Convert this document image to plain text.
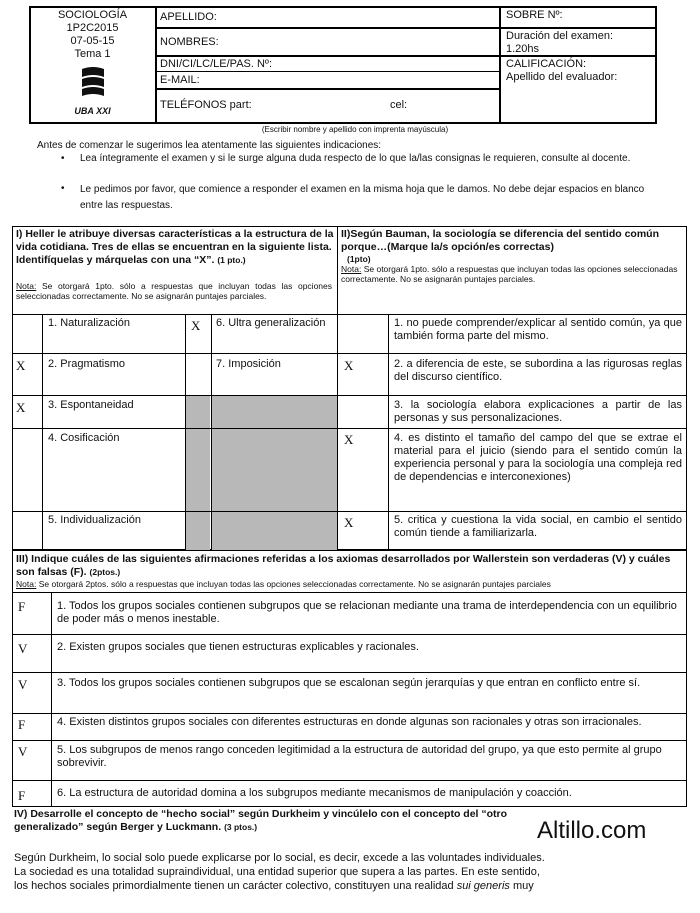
SOCIOLOGÍA
1P2C2015
07-05-15
Tema 1
UBA XXI
APELLIDO:
NOMBRES:
DNI/CI/LC/LE/PAS. Nº:
E-MAIL:
TELÉFONOS part:	cel:
SOBRE Nº:
Duración del examen: 1.20hs
CALIFICACIÓN:
Apellido del evaluador:
(Escribir nombre y apellido con imprenta mayúscula)
Antes de comenzar le sugerimos lea atentamente las siguientes indicaciones:
• Lea íntegramente el examen y si le surge alguna duda respecto de lo que la/las consignas le requieren, consulte al docente.
• Le pedimos por favor, que comience a responder el examen en la misma hoja que le damos. No debe dejar espacios en blanco entre las respuestas.
I) Heller le atribuye diversas características a la estructura de la vida cotidiana. Tres de ellas se encuentran en la siguiente lista. Identifíquelas y márquelas con una “X”. (1 pto.)
Nota: Se otorgará 1pto. sólo a respuestas que incluyan todas las opciones seleccionadas correctamente. No se asignarán puntajes parciales.
II)Según Bauman, la sociología se diferencia del sentido común porque…(Marque la/s opción/es correctas)
(1pto)
Nota: Se otorgará 1pto. sólo a respuestas que incluyan todas las opciones seleccionadas correctamente. No se asignarán puntajes parciales.
1. Naturalización
X 2. Pragmatismo
X 3. Espontaneidad
4. Cosificación
5. Individualización
X 6. Ultra generalización
7. Imposición
1. no puede comprender/explicar al sentido común, ya que también forma parte del mismo.
X	2. a diferencia de este, se subordina a las rigurosas reglas del discurso científico.
3. la sociología elabora explicaciones a partir de las personas y sus personalizaciones.
X	4. es distinto el tamaño del campo del que se extrae el material para el juicio (siendo para el sentido común la experiencia personal y para la sociología una compleja red de dependencias e interconexiones)
X	5. critica y cuestiona la vida social, en cambio el sentido común tiende a familiarizarla.
III) Indique cuáles de las siguientes afirmaciones referidas a los axiomas desarrollados por Wallerstein son verdaderas (V) y cuáles son falsas (F). (2ptos.)
Nota: Se otorgará 2ptos. sólo a respuestas que incluyan todas las opciones seleccionadas correctamente. No se asignarán puntajes parciales
F	1. Todos los grupos sociales contienen subgrupos que se relacionan mediante una trama de interdependencia con un equilibrio de poder más o menos inestable.
V	2. Existen grupos sociales que tienen estructuras explicables y racionales.
V	3. Todos los grupos sociales contienen subgrupos que se escalonan según jerarquías y que entran en conflicto entre sí.
F	4. Existen distintos grupos sociales con diferentes estructuras en donde algunas son racionales y otras son irracionales.
V	5. Los subgrupos de menos rango conceden legitimidad a la estructura de autoridad del grupo, ya que esto permite al grupo sobrevivir.
F	6. La estructura de autoridad domina a los subgrupos mediante mecanismos de manipulación y coacción.
IV) Desarrolle el concepto de “hecho social” según Durkheim y vincúlelo con el concepto del “otro generalizado” según Berger y Luckmann. (3 ptos.)	Altillo.com
Según Durkheim, lo social solo puede explicarse por lo social, es decir, excede a las voluntades individuales.
La sociedad es una totalidad supraindividual, una entidad superior que supera a las partes. En este sentido,
los hechos sociales primordialmente tienen un carácter colectivo, constituyen una realidad sui generis muy
